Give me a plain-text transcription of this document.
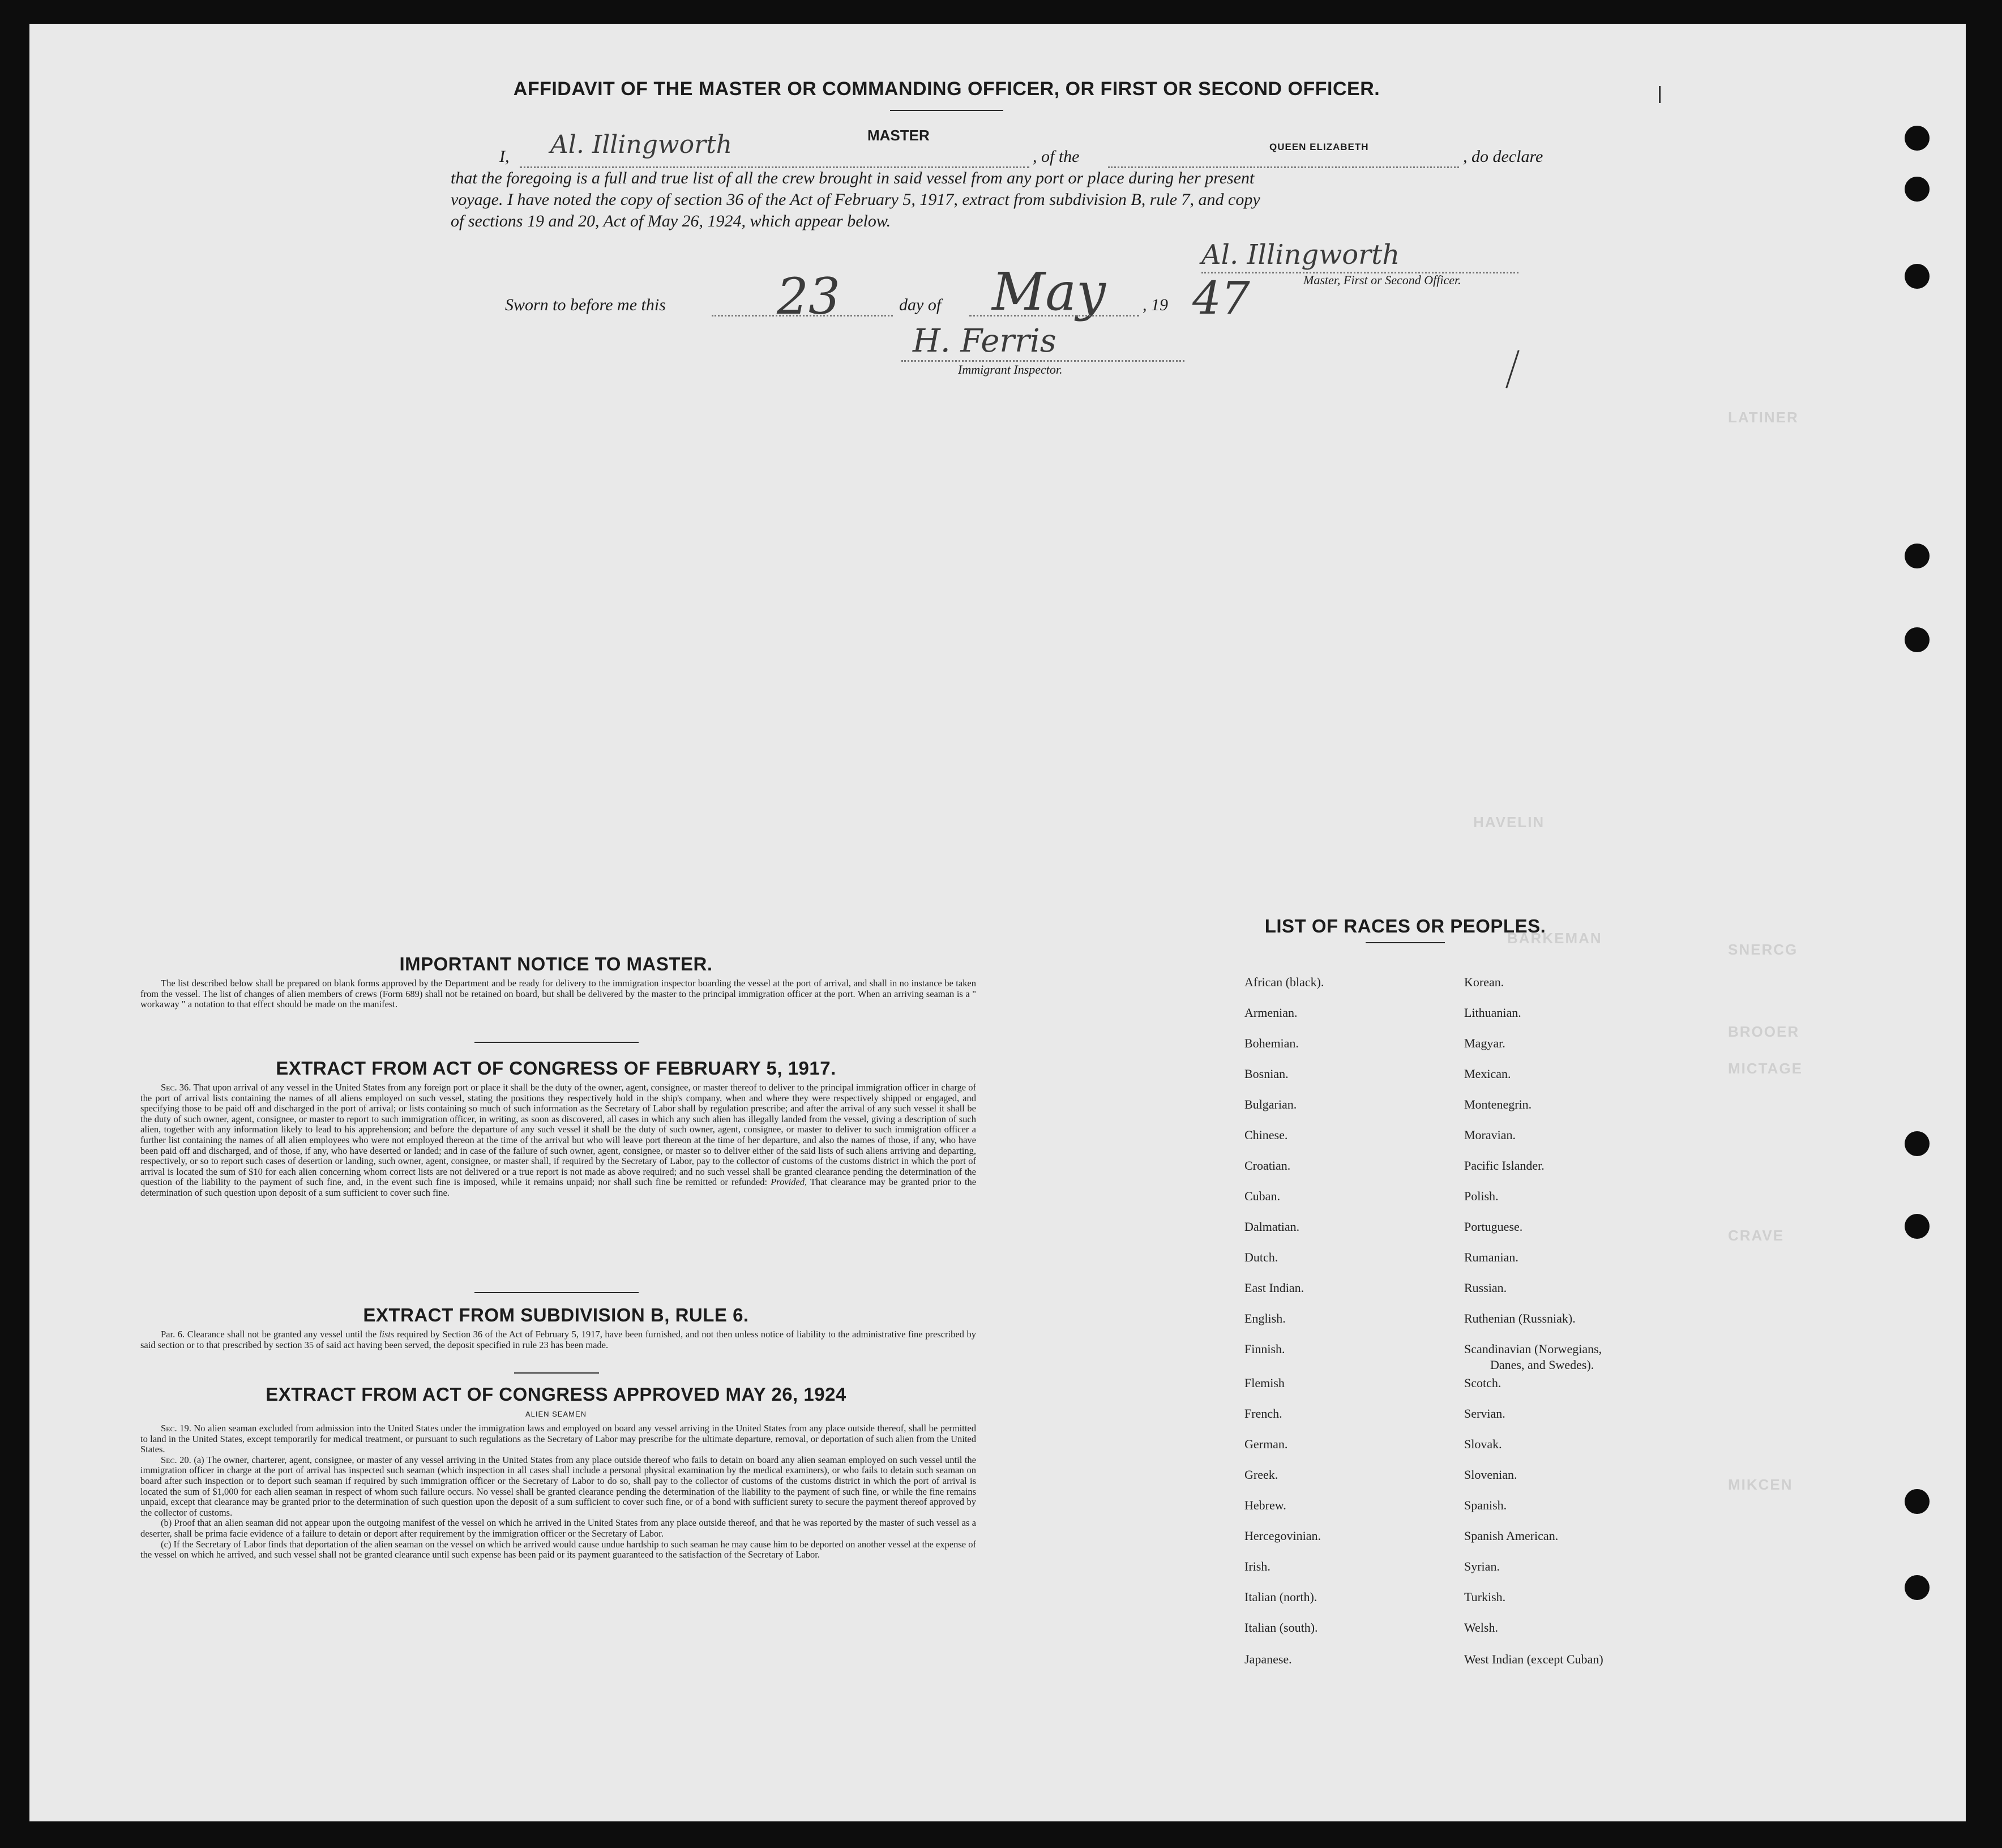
LATINER
SNERCG
BROOER
MICTAGE
CRAVE
MIKCEN
BARKEMAN
HAVELIN
AFFIDAVIT OF THE MASTER OR COMMANDING OFFICER, OR FIRST OR SECOND OFFICER.
I, Al. Illingworth	MASTER
, of the
QUEEN ELIZABETH
, do declare
that the foregoing is a full and true list of all the crew brought in said vessel from any port or place during her present
voyage. I have noted the copy of section 36 of the Act of February 5, 1917, extract from subdivision B, rule 7, and copy
of sections 19 and 20, Act of May 26, 1924, which appear below.
Al. Illingworth
Master, First or Second Officer.
Sworn to before me this 23	day of May , 19 47
H. Ferris
Immigrant Inspector.
IMPORTANT NOTICE TO MASTER.

The list described below shall be prepared on blank forms approved by the Department and be ready for delivery to the immigration inspector boarding the vessel at the port of arrival, and shall in no instance be taken from the vessel. The list of changes of alien members of crews (Form 689) shall not be retained on board, but shall be delivered by the master to the principal immigration officer at the port. When an arriving seaman is a " workaway " a notation to that effect should be made on the manifest.

EXTRACT FROM ACT OF CONGRESS OF FEBRUARY 5, 1917.

Sec. 36. That upon arrival of any vessel in the United States from any foreign port or place it shall be the duty of the owner, agent, consignee, or master thereof to deliver to the principal immigration officer in charge of the port of arrival lists containing the names of all aliens employed on such vessel, stating the positions they respectively hold in the ship's company, when and where they were respectively shipped or engaged, and specifying those to be paid off and discharged in the port of arrival; or lists containing so much of such information as the Secretary of Labor shall by regulation prescribe; and after the arrival of any such vessel it shall be the duty of such owner, agent, consignee, or master to report to such immigration officer, in writing, as soon as discovered, all cases in which any such alien has illegally landed from the vessel, giving a description of such alien, together with any information likely to lead to his apprehension; and before the departure of any such vessel it shall be the duty of such owner, agent, consignee, or master to deliver to such immigration officer a further list containing the names of all alien employees who were not employed thereon at the time of the arrival but who will leave port thereon at the time of her departure, and also the names of those, if any, who have been paid off and discharged, and of those, if any, who have deserted or landed; and in case of the failure of such owner, agent, consignee, or master so to deliver either of the said lists of such aliens arriving and departing, respectively, or so to report such cases of desertion or landing, such owner, agent, consignee, or master shall, if required by the Secretary of Labor, pay to the collector of customs of the customs district in which the port of arrival is located the sum of $10 for each alien concerning whom correct lists are not delivered or a true report is not made as above required; and no such vessel shall be granted clearance pending the determination of the question of the liability to the payment of such fine, and, in the event such fine is imposed, while it remains unpaid; nor shall such fine be remitted or refunded: Provided, That clearance may be granted prior to the determination of such question upon deposit of a sum sufficient to cover such fine.

EXTRACT FROM SUBDIVISION B, RULE 6.

Par. 6. Clearance shall not be granted any vessel until the lists required by Section 36 of the Act of February 5, 1917, have been furnished, and not then unless notice of liability to the administrative fine prescribed by said section or to that prescribed by section 35 of said act having been served, the deposit specified in rule 23 has been made.

EXTRACT FROM ACT OF CONGRESS APPROVED MAY 26, 1924
ALIEN SEAMEN

Sec. 19. No alien seaman excluded from admission into the United States under the immigration laws and employed on board any vessel arriving in the United States from any place outside thereof, shall be permitted to land in the United States, except temporarily for medical treatment, or pursuant to such regulations as the Secretary of Labor may prescribe for the ultimate departure, removal, or deportation of such alien from the United States.

Sec. 20. (a) The owner, charterer, agent, consignee, or master of any vessel arriving in the United States from any place outside thereof who fails to detain on board any alien seaman employed on such vessel until the immigration officer in charge at the port of arrival has inspected such seaman (which inspection in all cases shall include a personal physical examination by the medical examiners), or who fails to detain such seaman on board after such inspection or to deport such seaman if required by such immigration officer or the Secretary of Labor to do so, shall pay to the collector of customs of the customs district in which the port of arrival is located the sum of $1,000 for each alien seaman in respect of whom such failure occurs. No vessel shall be granted clearance pending the determination of the liability to the payment of such fine, or while the fine remains unpaid, except that clearance may be granted prior to the determination of such question upon the deposit of a sum sufficient to cover such fine, or of a bond with sufficient surety to secure the payment thereof approved by the collector of customs.

(b) Proof that an alien seaman did not appear upon the outgoing manifest of the vessel on which he arrived in the United States from any place outside thereof, and that he was reported by the master of such vessel as a deserter, shall be prima facie evidence of a failure to detain or deport after requirement by the immigration officer or the Secretary of Labor.

(c) If the Secretary of Labor finds that deportation of the alien seaman on the vessel on which he arrived would cause undue hardship to such seaman he may cause him to be deported on another vessel at the expense of the vessel on which he arrived, and such vessel shall not be granted clearance until such expense has been paid or its payment guaranteed to the satisfaction of the Secretary of Labor.

LIST OF RACES OR PEOPLES.
African (black).
Armenian.
Bohemian.
Bosnian.
Bulgarian.
Chinese.
Croatian.
Cuban.
Dalmatian.
Dutch.
East Indian.
English.
Finnish.
Flemish
French.
German.
Greek.
Hebrew.
Hercegovinian.
Irish.
Italian (north).
Italian (south).
Japanese.
Korean.
Lithuanian.
Magyar.
Mexican.
Montenegrin.
Moravian.
Pacific Islander.
Polish.
Portuguese.
Rumanian.
Russian.
Ruthenian (Russniak).
Scandinavian (Norwegians,
Danes, and Swedes).
Scotch.
Servian.
Slovak.
Slovenian.
Spanish.
Spanish American.
Syrian.
Turkish.
Welsh.
West Indian (except Cuban)
